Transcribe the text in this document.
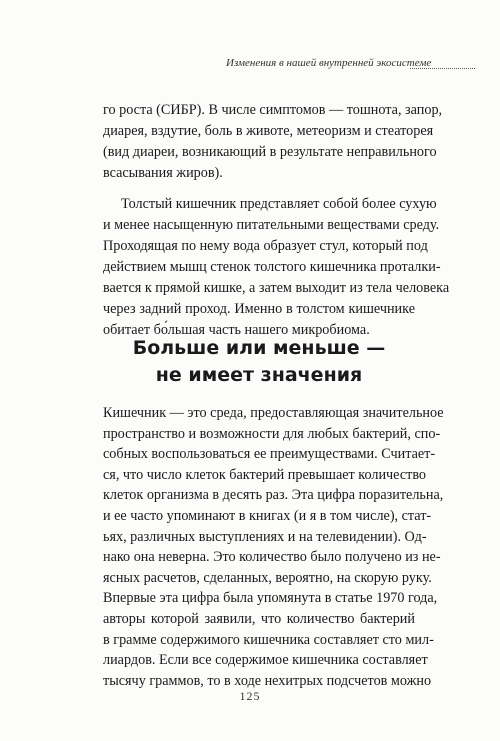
Изменения в нашей внутренней экосистеме

го роста (СИБР). В числе симптомов — тошнота, запор,
диарея, вздутие, боль в животе, метеоризм и стеаторея
(вид диареи, возникающий в результате неправильного
всасывания жиров).

Толстый кишечник представляет собой более сухую
и менее насыщенную питательными веществами среду.
Проходящая по нему вода образует стул, который под
действием мышц стенок толстого кишечника проталки-
вается к прямой кишке, а затем выходит из тела человека
через задний проход. Именно в толстом кишечнике
обитает бо́льшая часть нашего микробиома.

Больше или меньше —
не имеет значения
Кишечник — это среда, предоставляющая значительное
пространство и возможности для любых бактерий, спо-
собных воспользоваться ее преимуществами. Считает-
ся, что число клеток бактерий превышает количество
клеток организма в десять раз. Эта цифра поразительна,
и ее часто упоминают в книгах (и я в том числе), стат-
ьях, различных выступлениях и на телевидении). Од-
нако она неверна. Это количество было получено из не-
ясных расчетов, сделанных, вероятно, на скорую руку.
Впервые эта цифра была упомянута в статье 1970 года,
авторы которой заявили, что количество бактерий
в грамме содержимого кишечника составляет сто мил-
лиардов. Если все содержимое кишечника составляет
тысячу граммов, то в ходе нехитрых подсчетов можно
125
